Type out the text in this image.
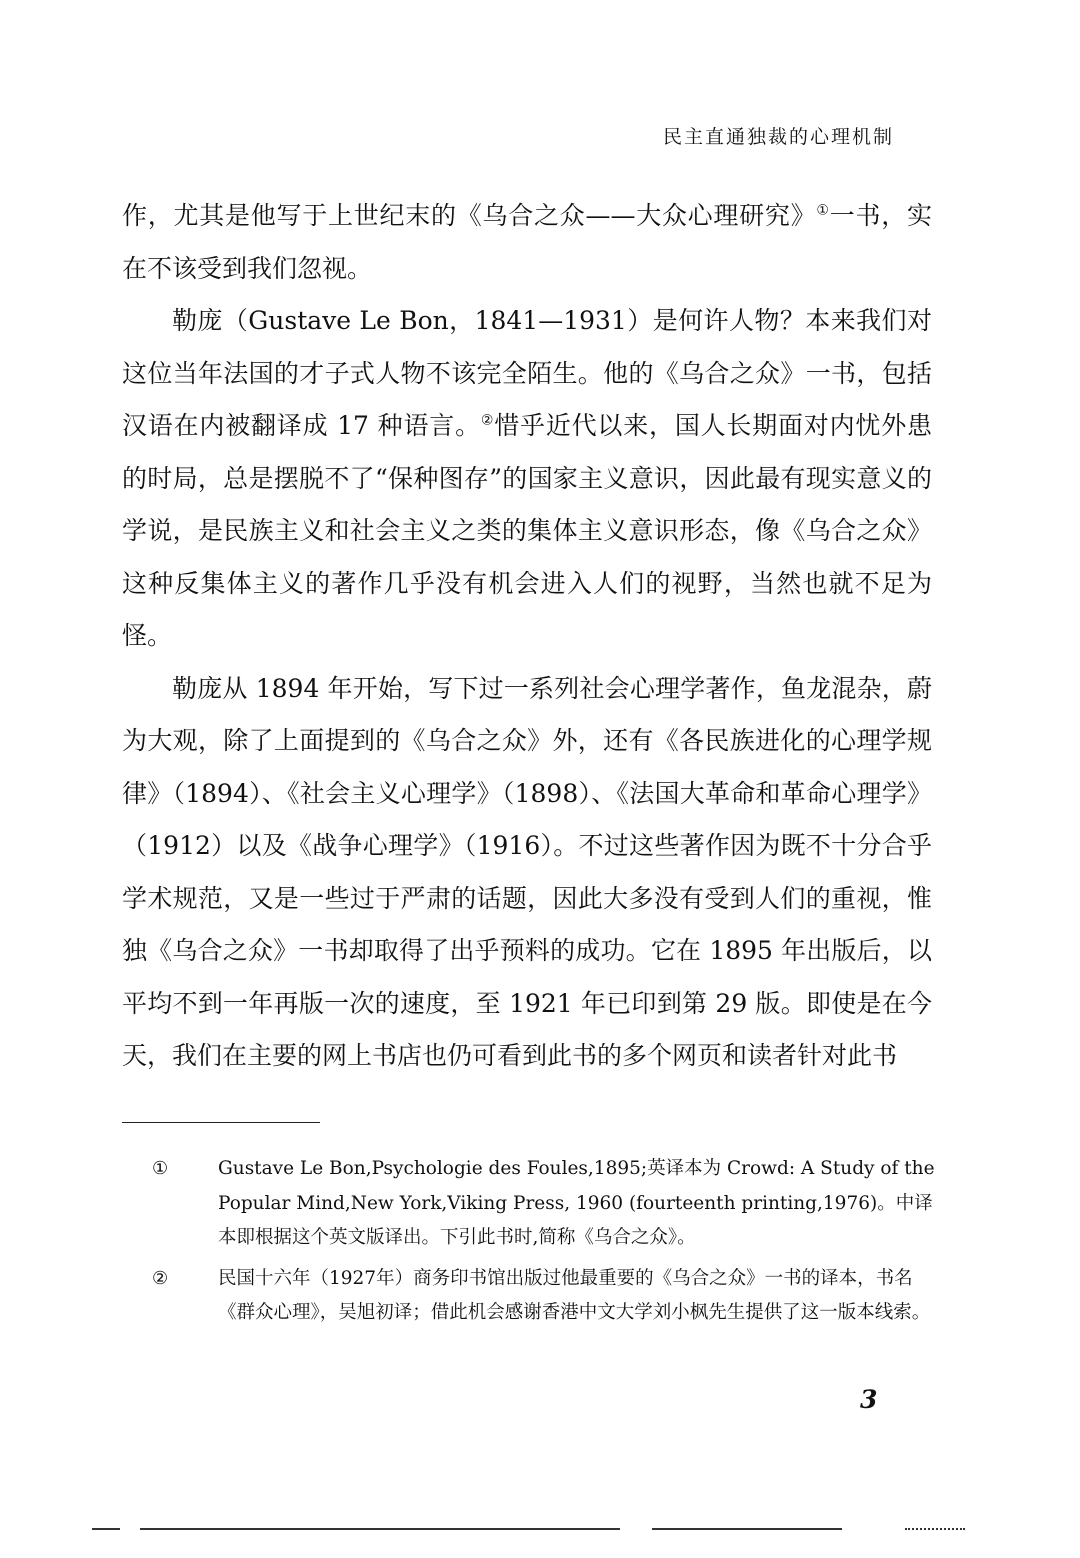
民主直通独裁的心理机制

作，尤其是他写于上世纪末的《乌合之众——大众心理研究》①一书，实在不该受到我们忽视。

勒庞（Gustave Le Bon，1841—1931）是何许人物？本来我们对这位当年法国的才子式人物不该完全陌生。他的《乌合之众》一书，包括汉语在内被翻译成 17 种语言。②惜乎近代以来，国人长期面对内忧外患的时局，总是摆脱不了“保种图存”的国家主义意识，因此最有现实意义的学说，是民族主义和社会主义之类的集体主义意识形态，像《乌合之众》这种反集体主义的著作几乎没有机会进入人们的视野，当然也就不足为怪。

勒庞从 1894 年开始，写下过一系列社会心理学著作，鱼龙混杂，蔚为大观，除了上面提到的《乌合之众》外，还有《各民族进化的心理学规律》（1894）、《社会主义心理学》（1898）、《法国大革命和革命心理学》（1912）以及《战争心理学》（1916）。不过这些著作因为既不十分合乎学术规范，又是一些过于严肃的话题，因此大多没有受到人们的重视，惟独《乌合之众》一书却取得了出乎预料的成功。它在 1895 年出版后，以平均不到一年再版一次的速度，至 1921 年已印到第 29 版。即使是在今天，我们在主要的网上书店也仍可看到此书的多个网页和读者针对此书

①	Gustave Le Bon,Psychologie des Foules,1895;英译本为 Crowd: A Study of the Popular Mind,New York,Viking Press, 1960 (fourteenth printing,1976)。中译本即根据这个英文版译出。下引此书时,简称《乌合之众》。
②	民国十六年（1927年）商务印书馆出版过他最重要的《乌合之众》一书的译本，书名《群众心理》，吴旭初译；借此机会感谢香港中文大学刘小枫先生提供了这一版本线索。
3
